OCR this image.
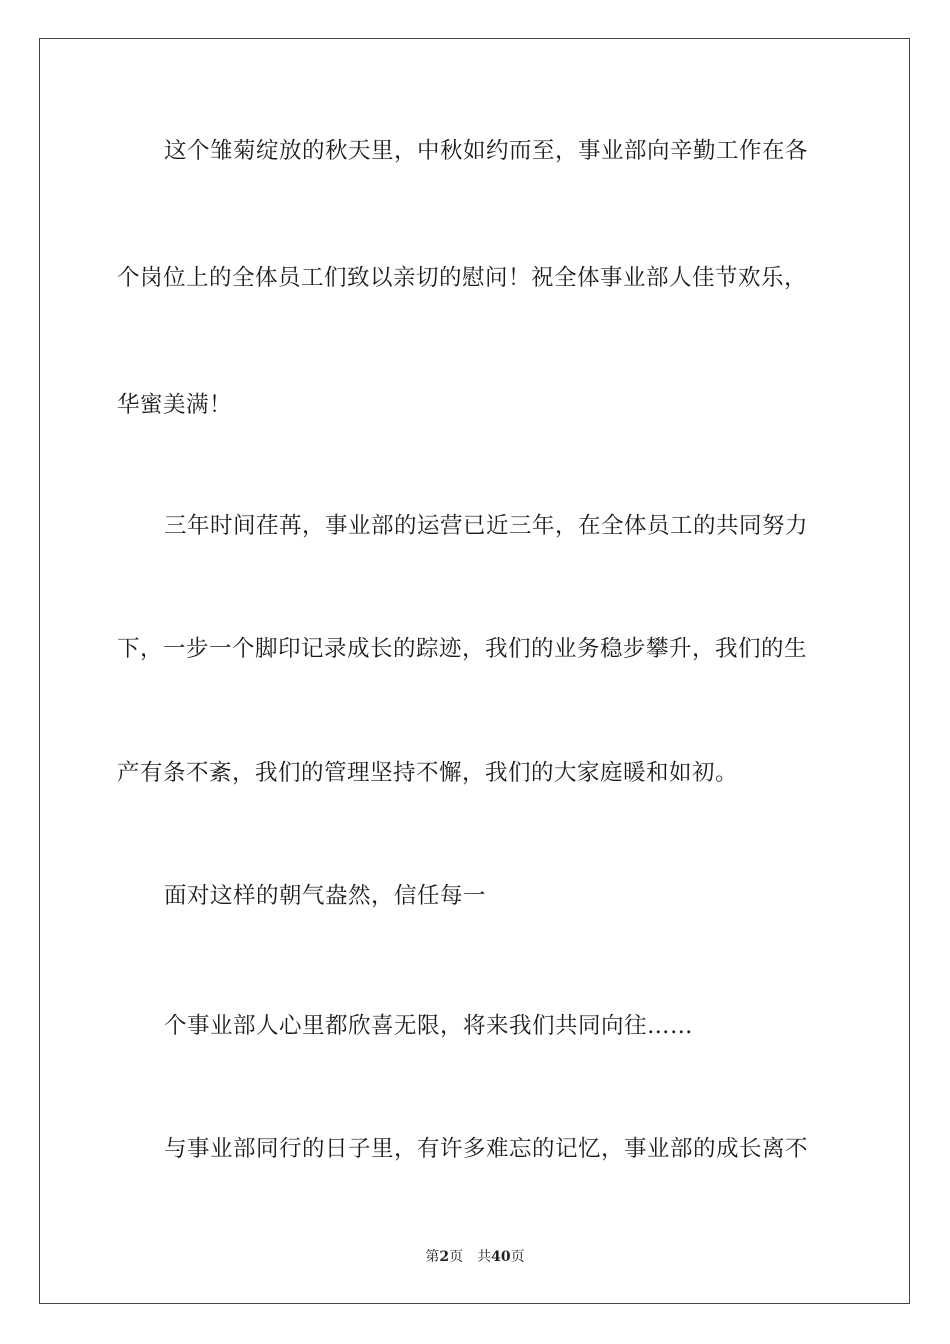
这个雏菊绽放的秋天里，中秋如约而至，事业部向辛勤工作在各
个岗位上的全体员工们致以亲切的慰问！祝全体事业部人佳节欢乐，
华蜜美满！
三年时间荏苒，事业部的运营已近三年，在全体员工的共同努力
下，一步一个脚印记录成长的踪迹，我们的业务稳步攀升，我们的生
产有条不紊，我们的管理坚持不懈，我们的大家庭暖和如初。
面对这样的朝气盎然，信任每一
个事业部人心里都欣喜无限，将来我们共同向往……
与事业部同行的日子里，有许多难忘的记忆，事业部的成长离不
第2页 共40页
